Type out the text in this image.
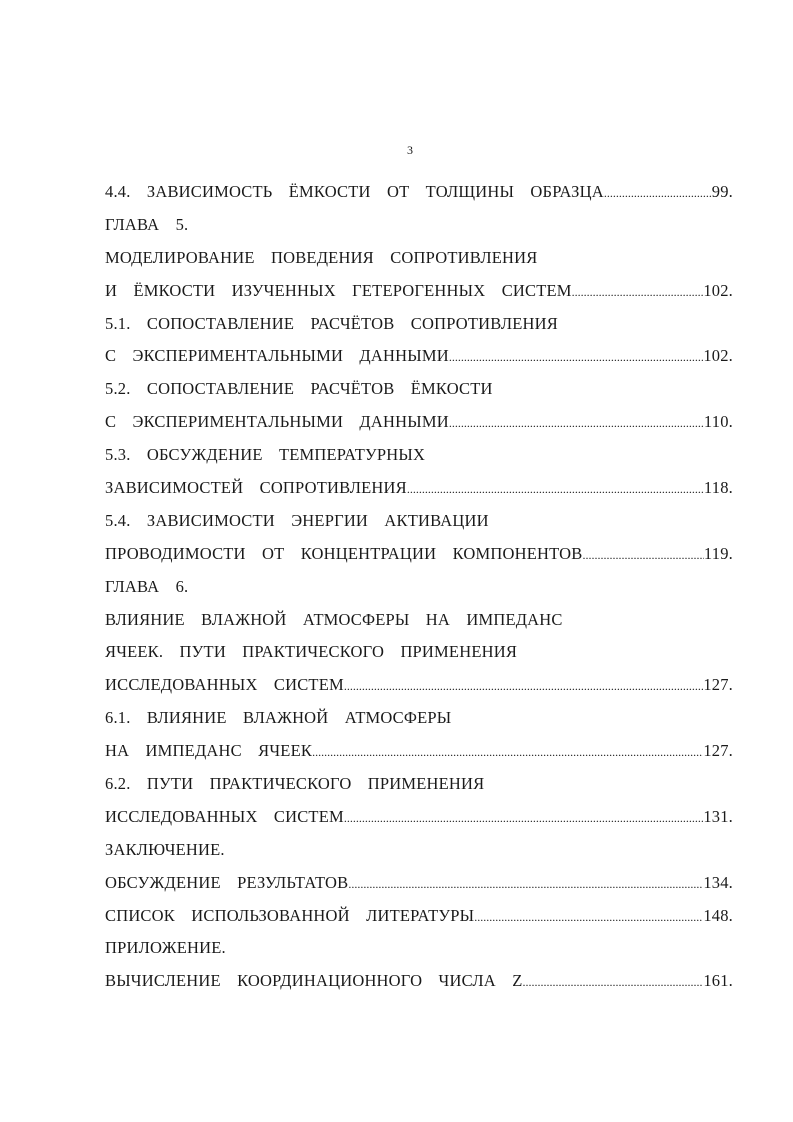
3
4.4. ЗАВИСИМОСТЬ ЁМКОСТИ ОТ ТОЛЩИНЫ ОБРАЗЦА .....	99.
ГЛАВА 5.
МОДЕЛИРОВАНИЕ ПОВЕДЕНИЯ СОПРОТИВЛЕНИЯ
И ЁМКОСТИ ИЗУЧЕННЫХ ГЕТЕРОГЕННЫХ СИСТЕМ .....	102.
5.1. СОПОСТАВЛЕНИЕ РАСЧЁТОВ СОПРОТИВЛЕНИЯ
С ЭКСПЕРИМЕНТАЛЬНЫМИ ДАННЫМИ .....	102.
5.2. СОПОСТАВЛЕНИЕ РАСЧЁТОВ ЁМКОСТИ
С ЭКСПЕРИМЕНТАЛЬНЫМИ ДАННЫМИ .....	110.
5.3. ОБСУЖДЕНИЕ ТЕМПЕРАТУРНЫХ
ЗАВИСИМОСТЕЙ СОПРОТИВЛЕНИЯ .....	118.
5.4. ЗАВИСИМОСТИ ЭНЕРГИИ АКТИВАЦИИ
ПРОВОДИМОСТИ ОТ КОНЦЕНТРАЦИИ КОМПОНЕНТОВ .....	119.
ГЛАВА 6.
ВЛИЯНИЕ ВЛАЖНОЙ АТМОСФЕРЫ НА ИМПЕДАНС
ЯЧЕЕК. ПУТИ ПРАКТИЧЕСКОГО ПРИМЕНЕНИЯ
ИССЛЕДОВАННЫХ СИСТЕМ .....	127.
6.1. ВЛИЯНИЕ ВЛАЖНОЙ АТМОСФЕРЫ
НА ИМПЕДАНС ЯЧЕЕК .....	127.
6.2. ПУТИ ПРАКТИЧЕСКОГО ПРИМЕНЕНИЯ
ИССЛЕДОВАННЫХ СИСТЕМ .....	131.
ЗАКЛЮЧЕНИЕ.
ОБСУЖДЕНИЕ РЕЗУЛЬТАТОВ .....	134.
СПИСОК ИСПОЛЬЗОВАННОЙ ЛИТЕРАТУРЫ .....	148.
ПРИЛОЖЕНИЕ.
ВЫЧИСЛЕНИЕ КООРДИНАЦИОННОГО ЧИСЛА Z .....	161.
